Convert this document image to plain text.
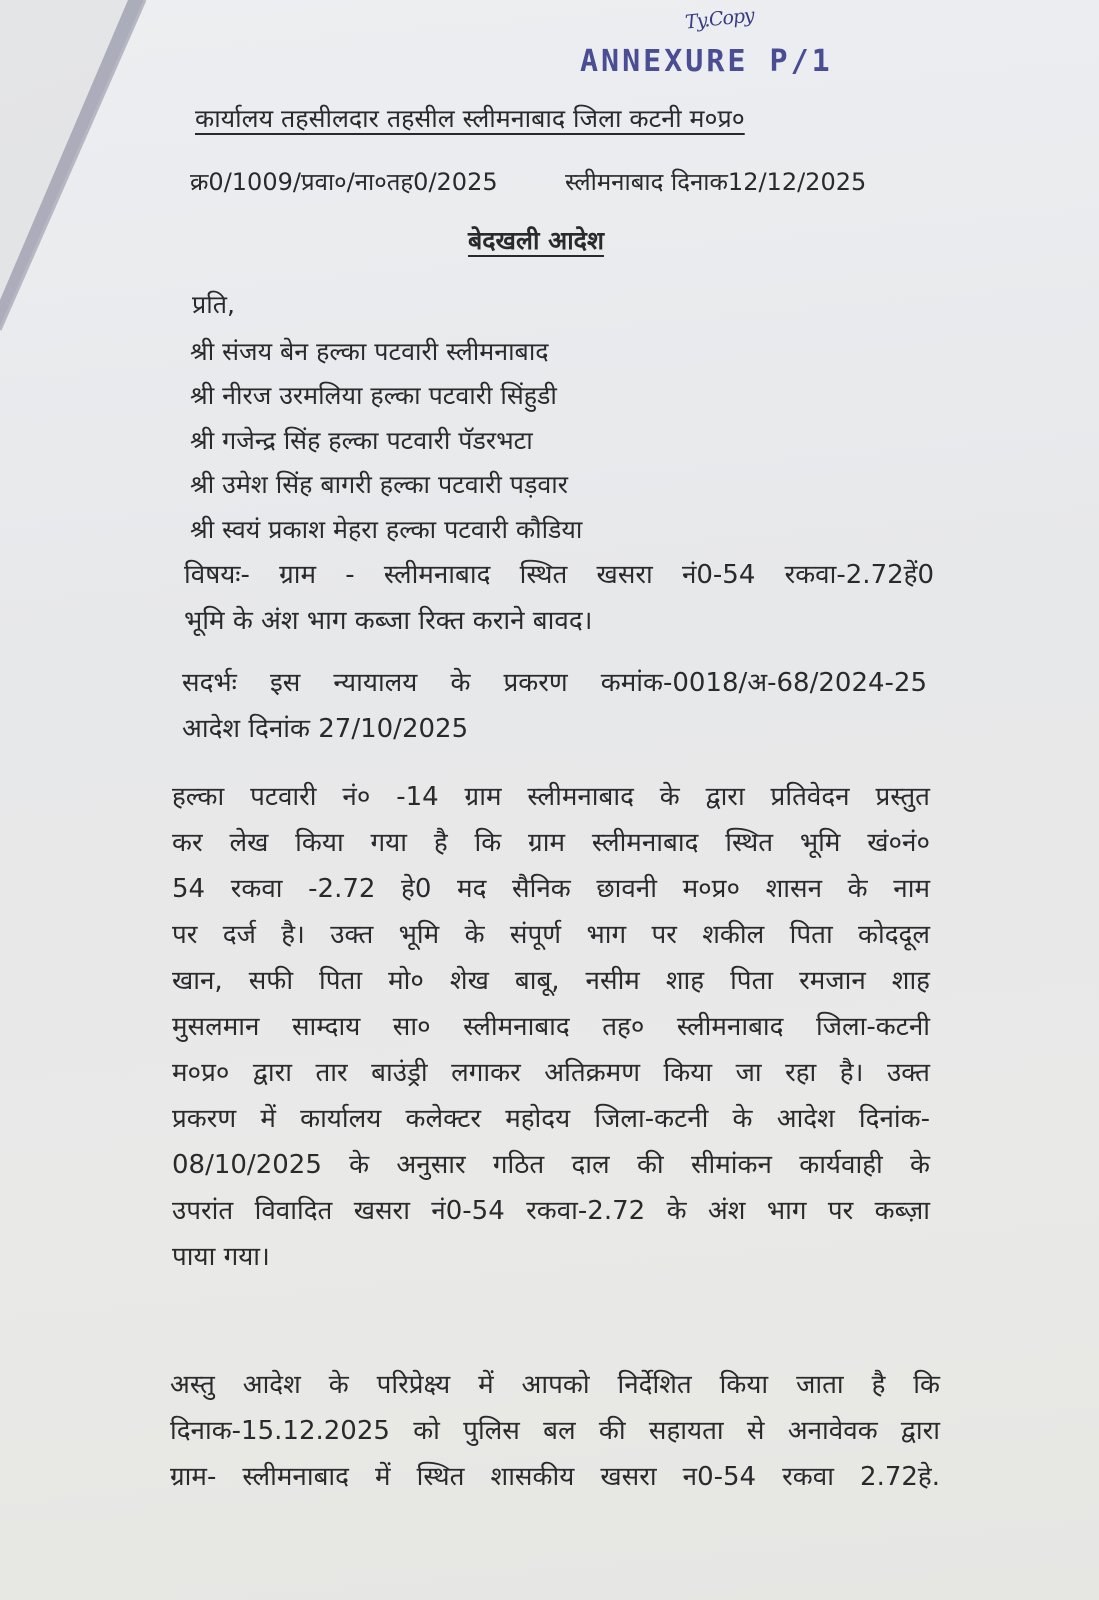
Ty.Copy
ANNEXURE P/1
कार्यालय तहसीलदार तहसील स्लीमनाबाद जिला कटनी म०प्र०
क्र0/1009/प्रवा०/ना०तह0/2025	स्लीमनाबाद दिनाक12/12/2025
बेदखली आदेश
प्रति,
श्री संजय बेन हल्का पटवारी स्लीमनाबाद
श्री नीरज उरमलिया हल्का पटवारी सिंहुडी
श्री गजेन्द्र सिंह हल्का पटवारी पॅडरभटा
श्री उमेश सिंह बागरी हल्का पटवारी पड़वार
श्री स्वयं प्रकाश मेहरा हल्का पटवारी कौडिया
विषयः- ग्राम - स्लीमनाबाद स्थित खसरा नं0-54 रकवा-2.72हें0
भूमि के अंश भाग कब्जा रिक्त कराने बावद।
सदर्भः इस न्यायालय के प्रकरण कमांक-0018/अ-68/2024-25
आदेश दिनांक 27/10/2025
हल्का पटवारी नं० -14 ग्राम स्लीमनाबाद के द्वारा प्रतिवेदन प्रस्तुत
कर लेख किया गया है कि ग्राम स्लीमनाबाद स्थित भूमि खं०नं०
54 रकवा -2.72 हे0 मद सैनिक छावनी म०प्र० शासन के नाम
पर दर्ज है। उक्त भूमि के संपूर्ण भाग पर शकील पिता कोददूल
खान, सफी पिता मो० शेख बाबू, नसीम शाह पिता रमजान शाह
मुसलमान साम्दाय सा० स्लीमनाबाद तह० स्लीमनाबाद जिला-कटनी
म०प्र० द्वारा तार बाउंड्री लगाकर अतिक्रमण किया जा रहा है। उक्त
प्रकरण में कार्यालय कलेक्टर महोदय जिला-कटनी के आदेश दिनांक-
08/10/2025 के अनुसार गठित दाल की सीमांकन कार्यवाही के
उपरांत विवादित खसरा नं0-54 रकवा-2.72 के अंश भाग पर कब्ज़ा
पाया गया।
अस्तु आदेश के परिप्रेक्ष्य में आपको निर्देशित किया जाता है कि
दिनाक-15.12.2025 को पुलिस बल की सहायता से अनावेवक द्वारा
ग्राम- स्लीमनाबाद में स्थित शासकीय खसरा न0-54 रकवा 2.72हे.
